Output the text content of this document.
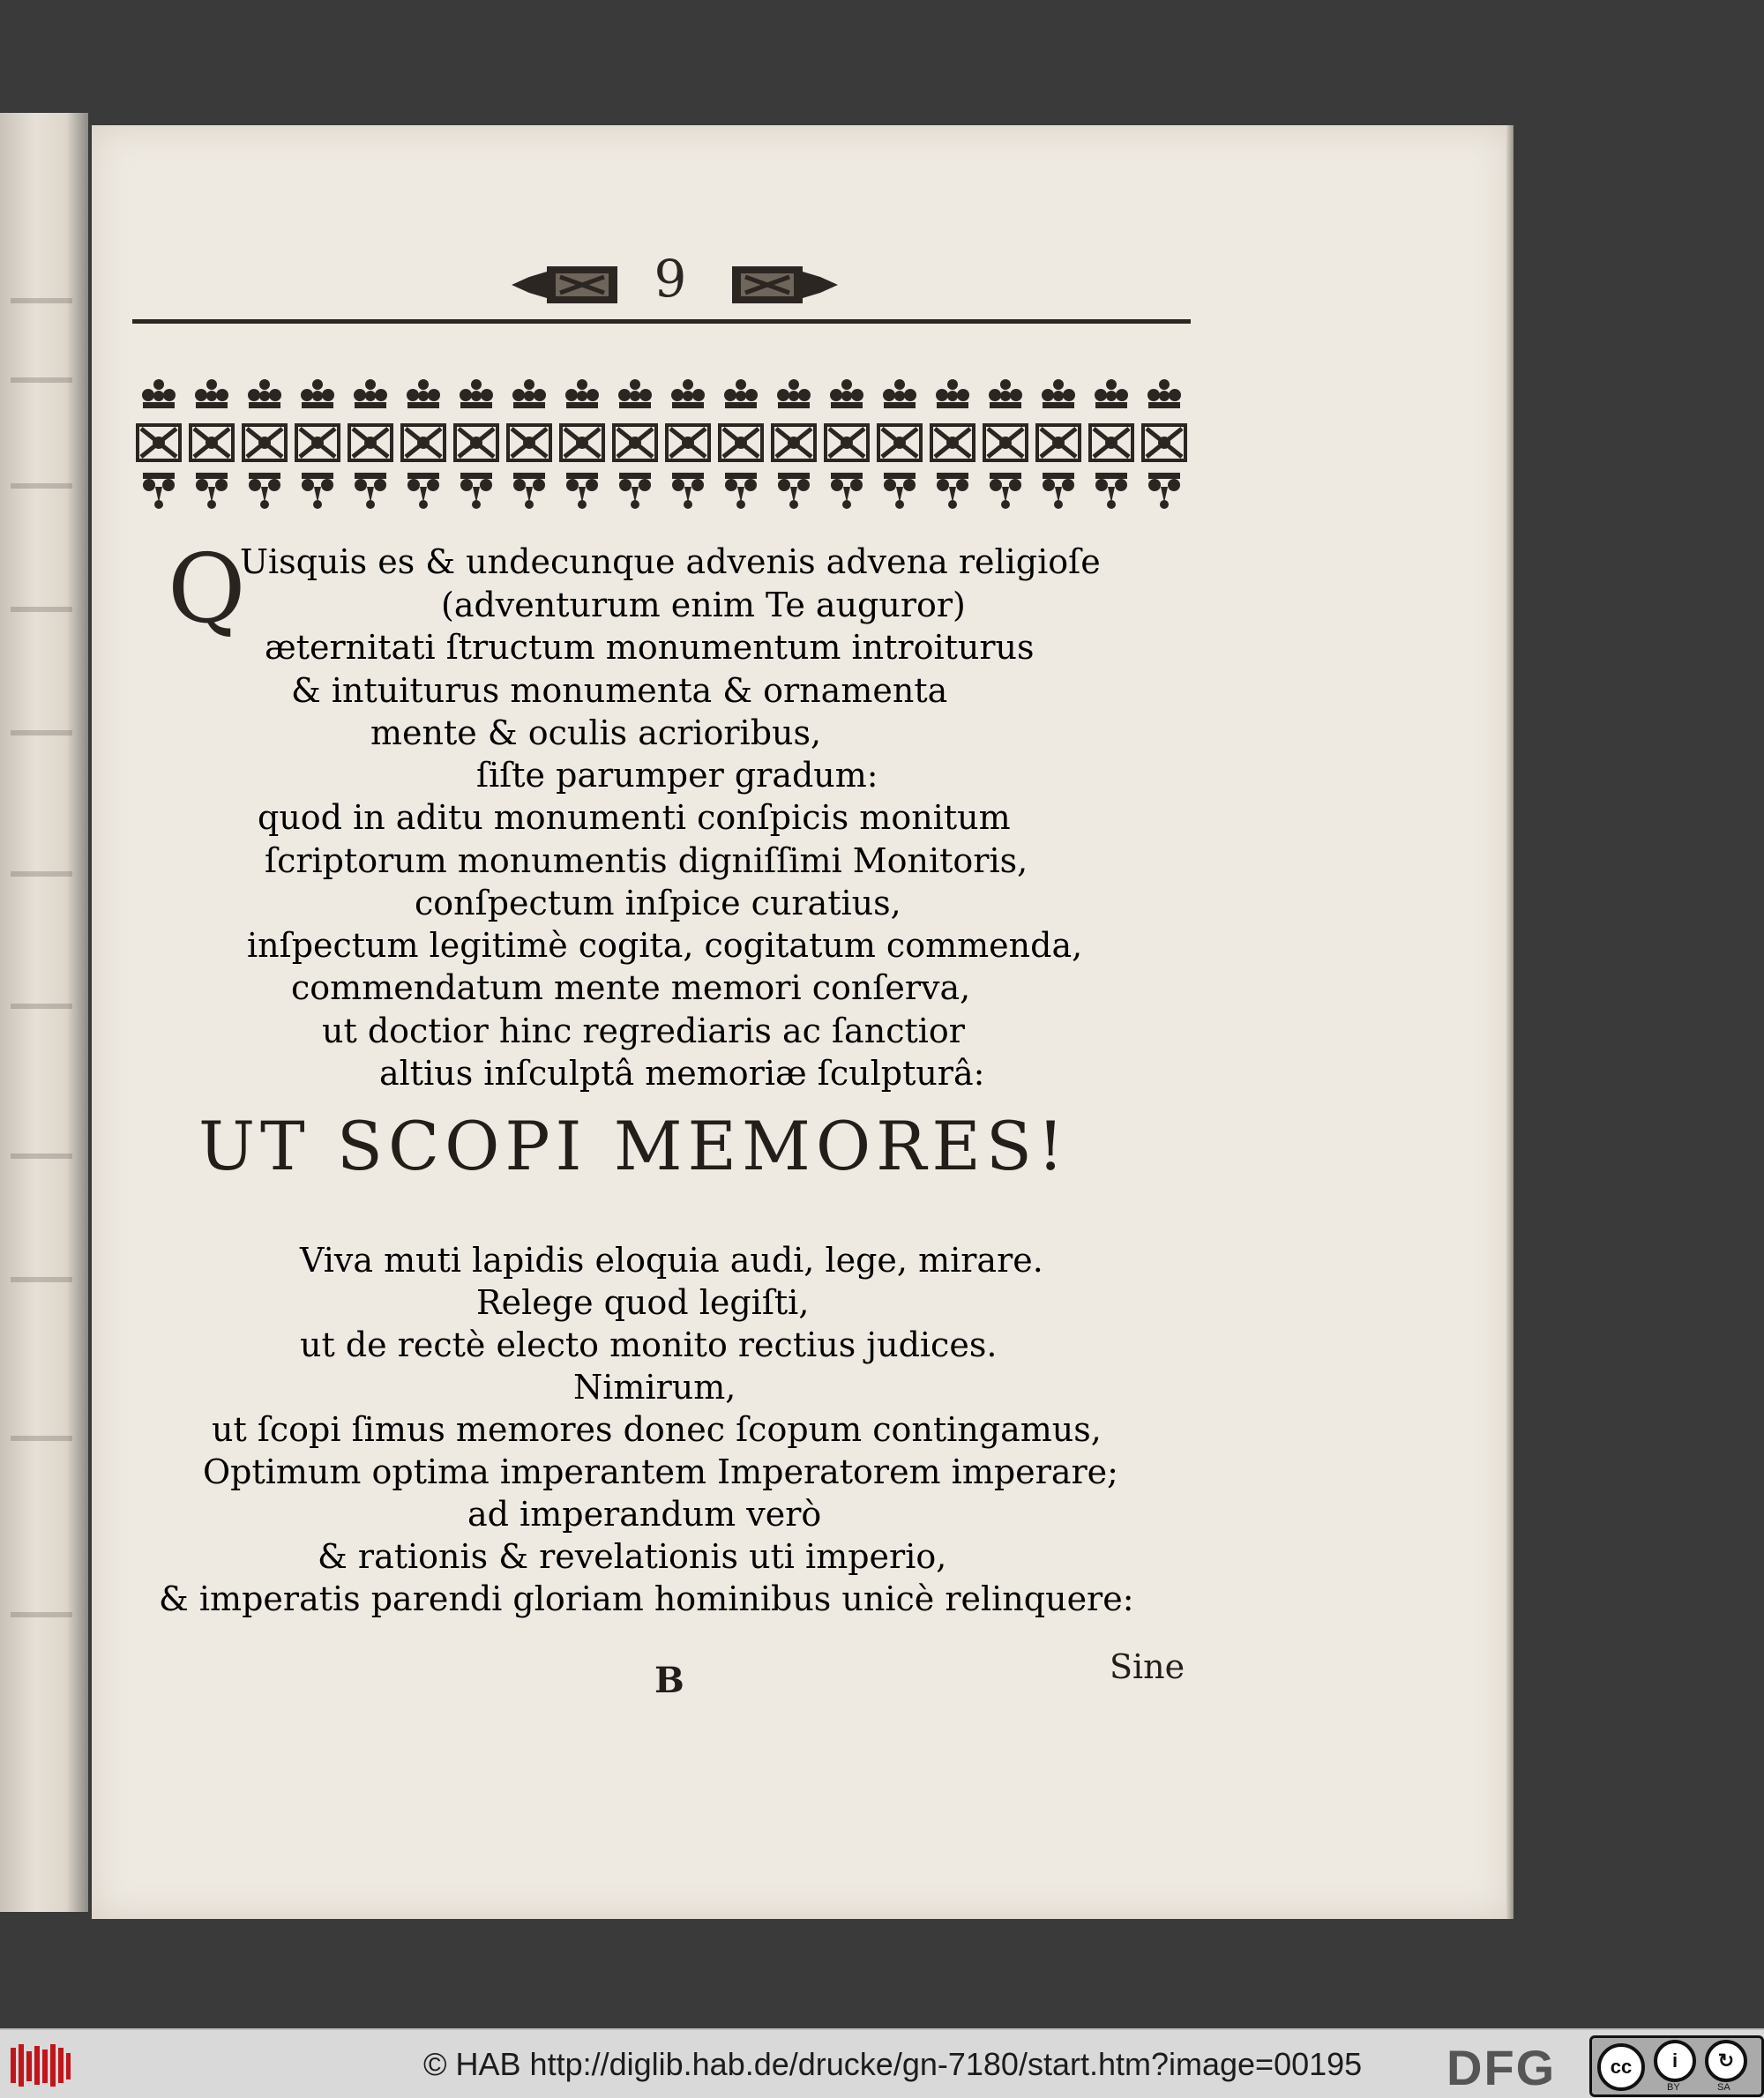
9
Q
Uisquis es & undecunque advenis advena religioſe
(adventurum enim Te auguror)
æternitati ſtructum monumentum introiturus
& intuiturus monumenta & ornamenta
mente & oculis acrioribus,
ſiſte parumper gradum:
quod in aditu monumenti conſpicis monitum
ſcriptorum monumentis digniſſimi Monitoris,
conſpectum inſpice curatius,
inſpectum legitimè cogita, cogitatum commenda,
commendatum mente memori conſerva,
ut doctior hinc regrediaris ac ſanctior
altius inſculptâ memoriæ ſculpturâ:
UT SCOPI MEMORES!
Viva muti lapidis eloquia audi, lege, mirare.
Relege quod legiſti,
ut de rectè electo monito rectius judices.
Nimirum,
ut ſcopi ſimus memores donec ſcopum contingamus,
Optimum optima imperantem Imperatorem imperare;
ad imperandum verò
& rationis & revelationis uti imperio,
& imperatis parendi gloriam hominibus unicè relinquere:
B	Sine
© HAB http://diglib.hab.de/drucke/gn-7180/start.htm?image=00195 DFG	cc	i	↻
BY	SA
